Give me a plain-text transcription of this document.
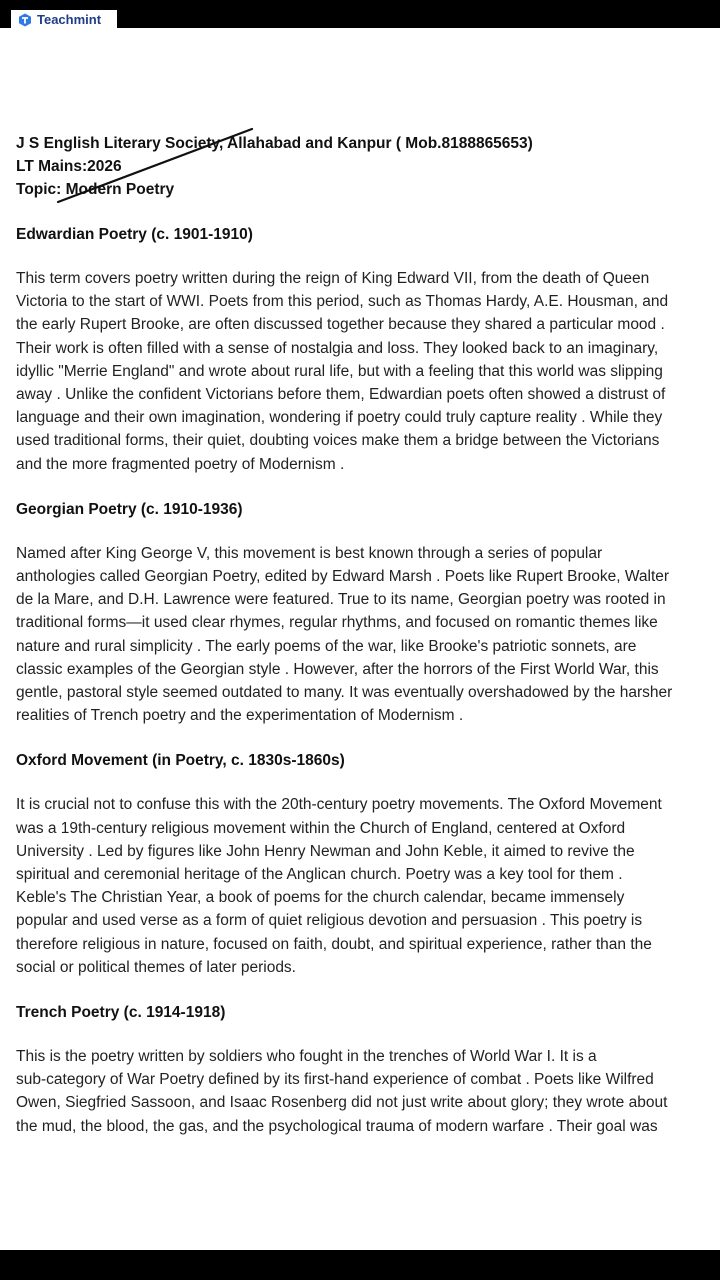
Teachmint
J S English Literary Society, Allahabad and Kanpur ( Mob.8188865653)
LT Mains:2026
Topic: Modern Poetry
Edwardian Poetry (c. 1901-1910)

This term covers poetry written during the reign of King Edward VII, from the death of Queen
Victoria to the start of WWI. Poets from this period, such as Thomas Hardy, A.E. Housman, and
the early Rupert Brooke, are often discussed together because they shared a particular mood .
Their work is often filled with a sense of nostalgia and loss. They looked back to an imaginary,
idyllic "Merrie England" and wrote about rural life, but with a feeling that this world was slipping
away . Unlike the confident Victorians before them, Edwardian poets often showed a distrust of
language and their own imagination, wondering if poetry could truly capture reality . While they
used traditional forms, their quiet, doubting voices make them a bridge between the Victorians
and the more fragmented poetry of Modernism .

Georgian Poetry (c. 1910-1936)

Named after King George V, this movement is best known through a series of popular
anthologies called Georgian Poetry, edited by Edward Marsh . Poets like Rupert Brooke, Walter
de la Mare, and D.H. Lawrence were featured. True to its name, Georgian poetry was rooted in
traditional forms—it used clear rhymes, regular rhythms, and focused on romantic themes like
nature and rural simplicity . The early poems of the war, like Brooke's patriotic sonnets, are
classic examples of the Georgian style . However, after the horrors of the First World War, this
gentle, pastoral style seemed outdated to many. It was eventually overshadowed by the harsher
realities of Trench poetry and the experimentation of Modernism .

Oxford Movement (in Poetry, c. 1830s-1860s)

It is crucial not to confuse this with the 20th-century poetry movements. The Oxford Movement
was a 19th-century religious movement within the Church of England, centered at Oxford
University . Led by figures like John Henry Newman and John Keble, it aimed to revive the
spiritual and ceremonial heritage of the Anglican church. Poetry was a key tool for them .
Keble's The Christian Year, a book of poems for the church calendar, became immensely
popular and used verse as a form of quiet religious devotion and persuasion . This poetry is
therefore religious in nature, focused on faith, doubt, and spiritual experience, rather than the
social or political themes of later periods.

Trench Poetry (c. 1914-1918)

This is the poetry written by soldiers who fought in the trenches of World War I. It is a
sub-category of War Poetry defined by its first-hand experience of combat . Poets like Wilfred
Owen, Siegfried Sassoon, and Isaac Rosenberg did not just write about glory; they wrote about
the mud, the blood, the gas, and the psychological trauma of modern warfare . Their goal was
